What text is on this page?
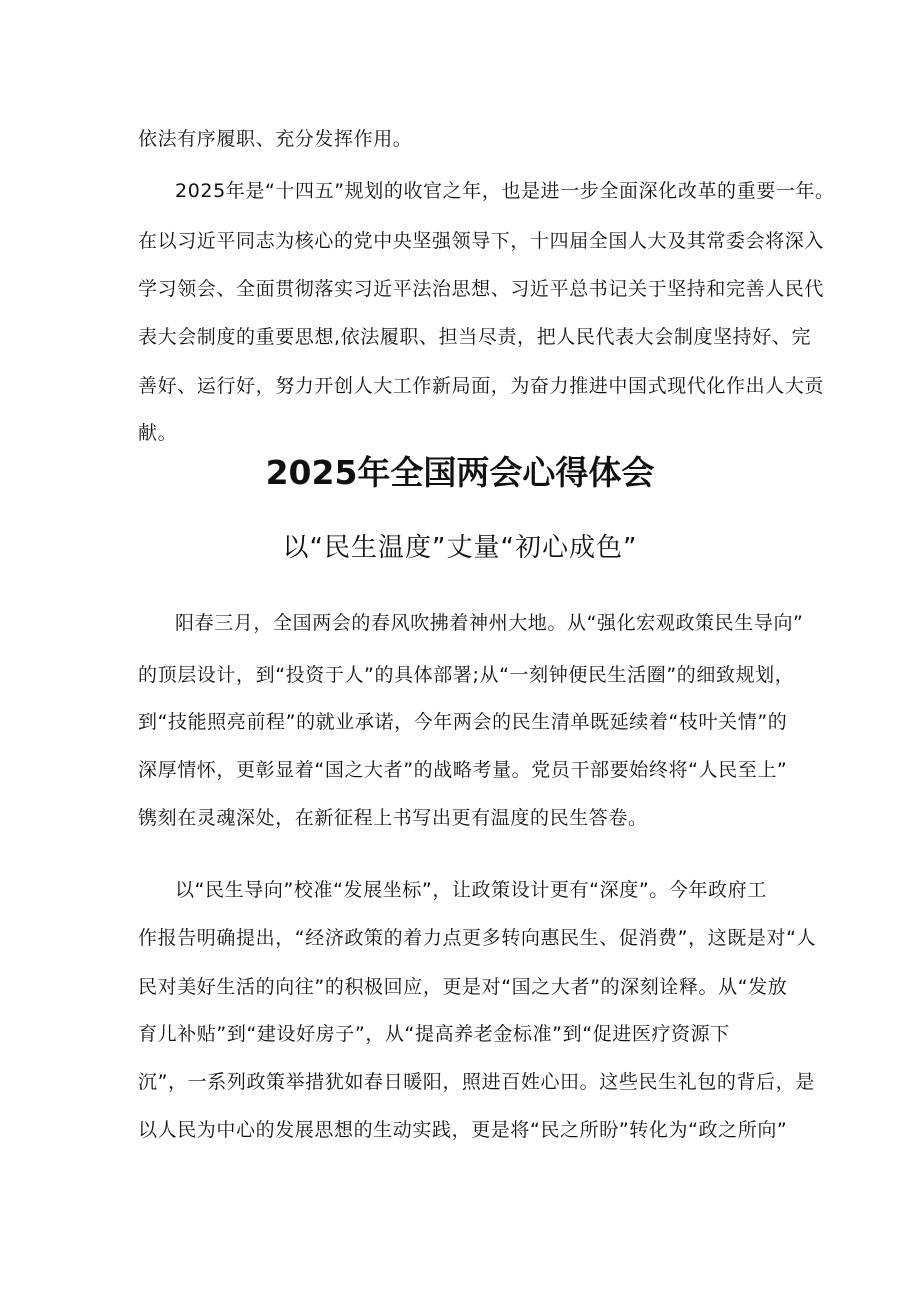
依法有序履职、充分发挥作用。
2025年是“十四五”规划的收官之年，也是进一步全面深化改革的重要一年。
在以习近平同志为核心的党中央坚强领导下，十四届全国人大及其常委会将深入
学习领会、全面贯彻落实习近平法治思想、习近平总书记关于坚持和完善人民代
表大会制度的重要思想,依法履职、担当尽责，把人民代表大会制度坚持好、完
善好、运行好，努力开创人大工作新局面，为奋力推进中国式现代化作出人大贡
献。
2025年全国两会心得体会
以“民生温度”丈量“初心成色”
阳春三月，全国两会的春风吹拂着神州大地。从“强化宏观政策民生导向”
的顶层设计，到“投资于人”的具体部署;从“一刻钟便民生活圈”的细致规划，
到“技能照亮前程”的就业承诺，今年两会的民生清单既延续着“枝叶关情”的
深厚情怀，更彰显着“国之大者”的战略考量。党员干部要始终将“人民至上”
镌刻在灵魂深处，在新征程上书写出更有温度的民生答卷。
以“民生导向”校准“发展坐标”，让政策设计更有“深度”。今年政府工
作报告明确提出，“经济政策的着力点更多转向惠民生、促消费”，这既是对“人
民对美好生活的向往”的积极回应，更是对“国之大者”的深刻诠释。从“发放
育儿补贴”到“建设好房子”，从“提高养老金标准”到“促进医疗资源下
沉”，一系列政策举措犹如春日暖阳，照进百姓心田。这些民生礼包的背后，是
以人民为中心的发展思想的生动实践，更是将“民之所盼”转化为“政之所向”
